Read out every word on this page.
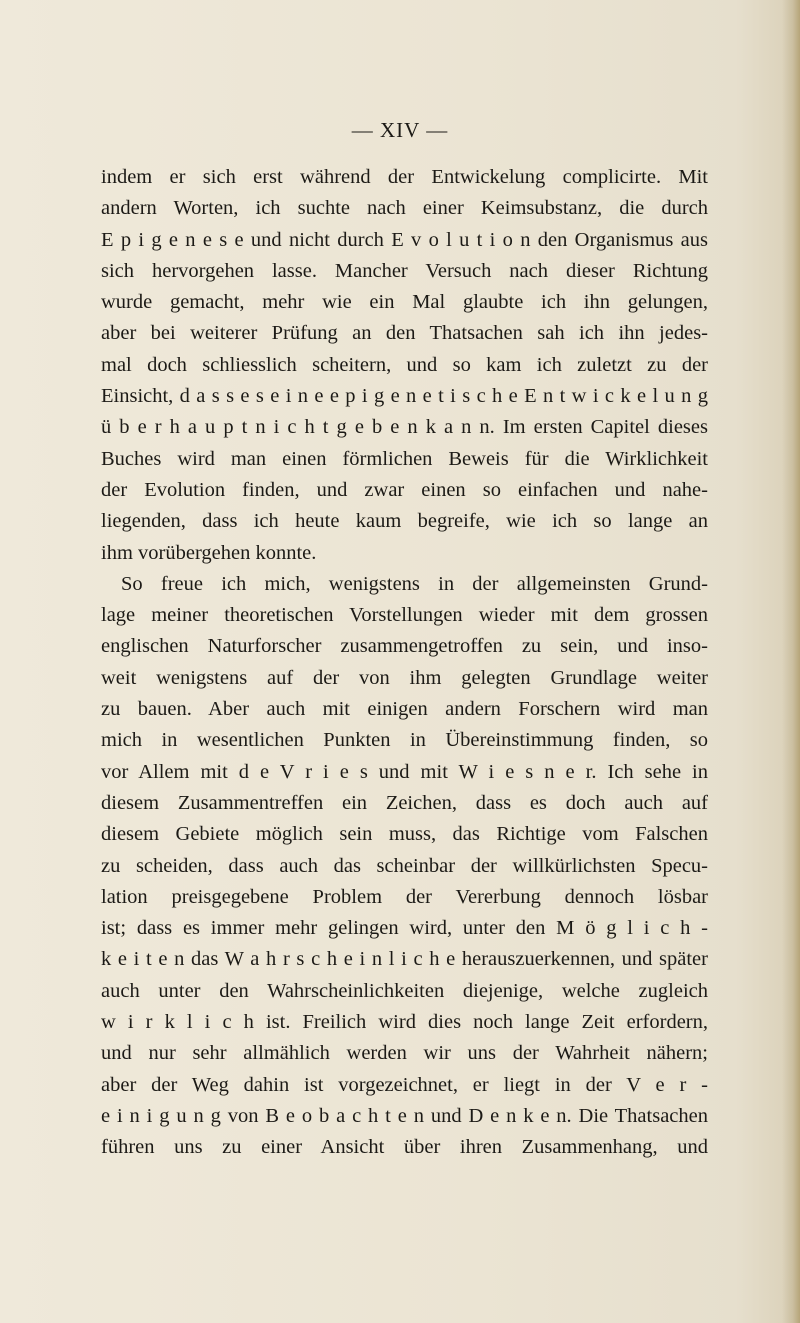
— XIV —
indem er sich erst während der Entwickelung complicirte. Mit
andern Worten, ich suchte nach einer Keimsubstanz, die durch
E p i g e n e s e und nicht durch E v o l u t i o n den Organismus aus
sich hervorgehen lasse. Mancher Versuch nach dieser Richtung
wurde gemacht, mehr wie ein Mal glaubte ich ihn gelungen,
aber bei weiterer Prüfung an den Thatsachen sah ich ihn jedes-
mal doch schliesslich scheitern, und so kam ich zuletzt zu der
Einsicht, d a s s e s e i n e e p i g e n e t i s c h e E n t w i c k e l u n g
ü b e r h a u p t n i c h t g e b e n k a n n. Im ersten Capitel dieses
Buches wird man einen förmlichen Beweis für die Wirklichkeit
der Evolution finden, und zwar einen so einfachen und nahe-
liegenden, dass ich heute kaum begreife, wie ich so lange an
ihm vorübergehen konnte.
So freue ich mich, wenigstens in der allgemeinsten Grund-
lage meiner theoretischen Vorstellungen wieder mit dem grossen
englischen Naturforscher zusammengetroffen zu sein, und inso-
weit wenigstens auf der von ihm gelegten Grundlage weiter
zu bauen. Aber auch mit einigen andern Forschern wird man
mich in wesentlichen Punkten in Übereinstimmung finden, so
vor Allem mit d e V r i e s und mit W i e s n e r. Ich sehe in
diesem Zusammentreffen ein Zeichen, dass es doch auch auf
diesem Gebiete möglich sein muss, das Richtige vom Falschen
zu scheiden, dass auch das scheinbar der willkürlichsten Specu-
lation preisgegebene Problem der Vererbung dennoch lösbar
ist; dass es immer mehr gelingen wird, unter den M ö g l i c h -
k e i t e n das W a h r s c h e i n l i c h e herauszuerkennen, und später
auch unter den Wahrscheinlichkeiten diejenige, welche zugleich
w i r k l i c h ist. Freilich wird dies noch lange Zeit erfordern,
und nur sehr allmählich werden wir uns der Wahrheit nähern;
aber der Weg dahin ist vorgezeichnet, er liegt in der V e r -
e i n i g u n g von B e o b a c h t e n und D e n k e n. Die Thatsachen
führen uns zu einer Ansicht über ihren Zusammenhang, und
